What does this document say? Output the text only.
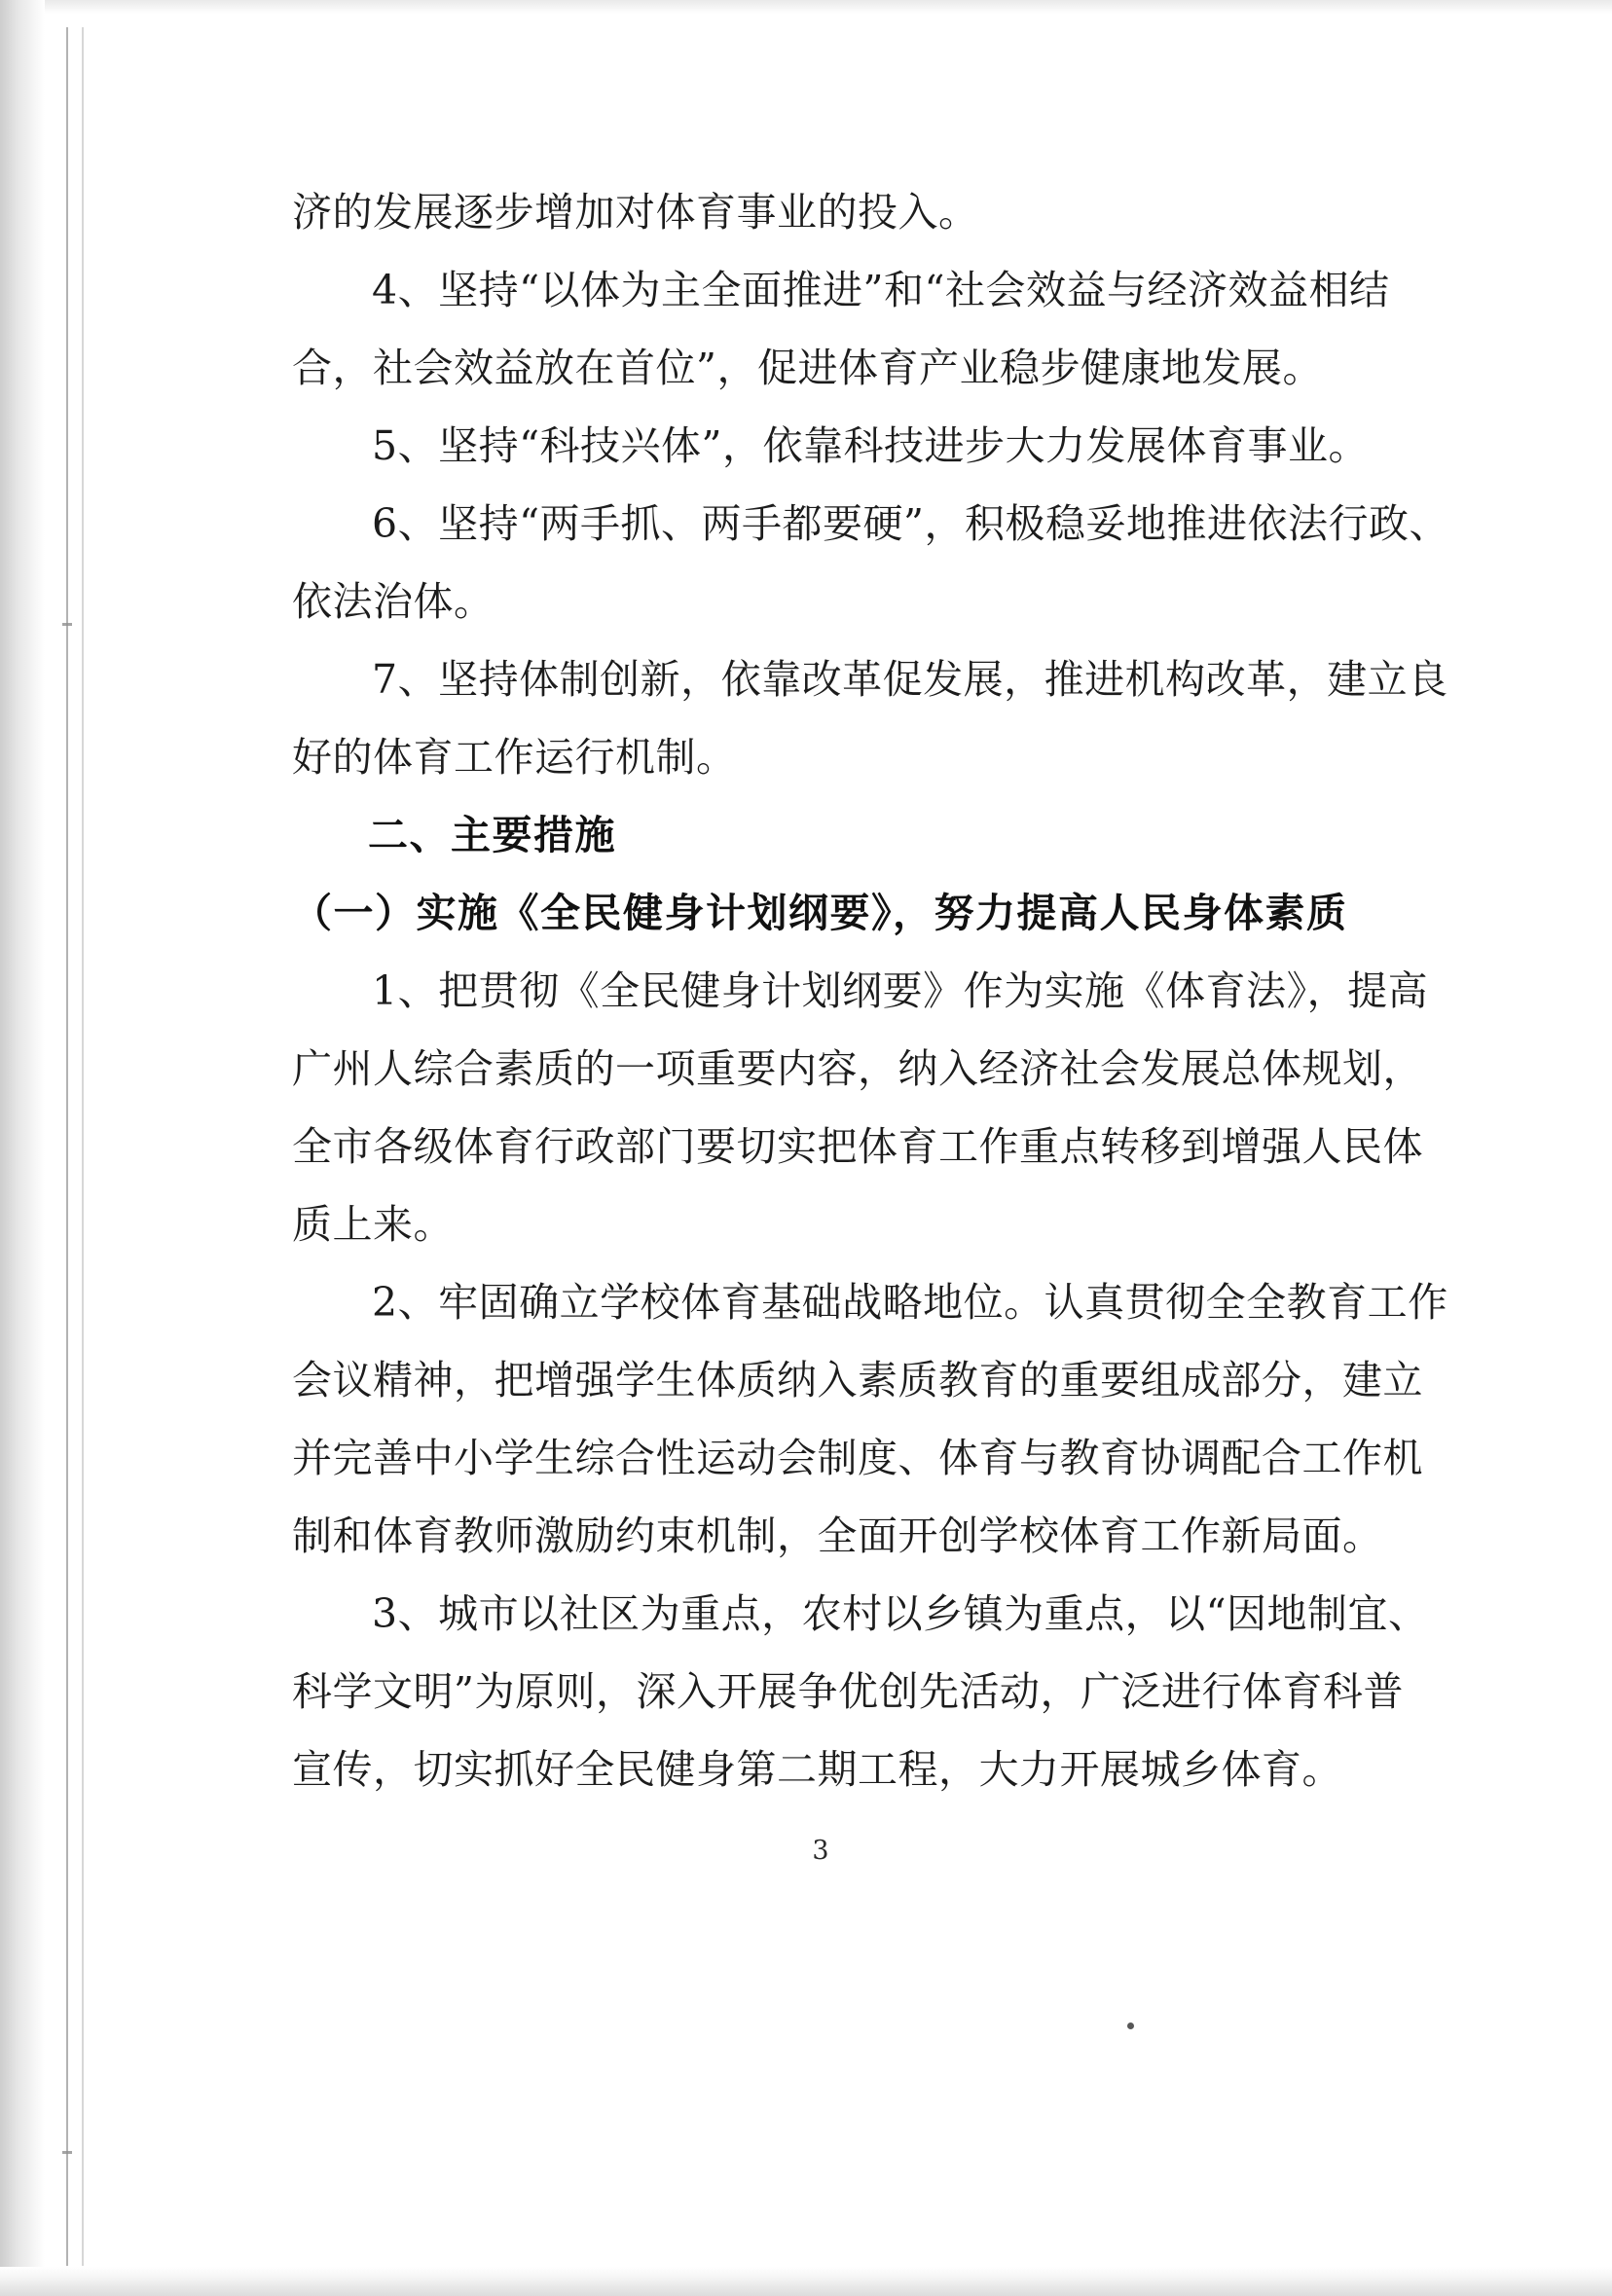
济的发展逐步增加对体育事业的投入。
4、坚持“以体为主全面推进”和“社会效益与经济效益相结
合，社会效益放在首位”，促进体育产业稳步健康地发展。
5、坚持“科技兴体”，依靠科技进步大力发展体育事业。
6、坚持“两手抓、两手都要硬”，积极稳妥地推进依法行政、
依法治体。
7、坚持体制创新，依靠改革促发展，推进机构改革，建立良
好的体育工作运行机制。
二、主要措施
（一）实施《全民健身计划纲要》，努力提高人民身体素质
1、把贯彻《全民健身计划纲要》作为实施《体育法》，提高
广州人综合素质的一项重要内容，纳入经济社会发展总体规划，
全市各级体育行政部门要切实把体育工作重点转移到增强人民体
质上来。
2、牢固确立学校体育基础战略地位。认真贯彻全全教育工作
会议精神，把增强学生体质纳入素质教育的重要组成部分，建立
并完善中小学生综合性运动会制度、体育与教育协调配合工作机
制和体育教师激励约束机制，全面开创学校体育工作新局面。
3、城市以社区为重点，农村以乡镇为重点，以“因地制宜、
科学文明”为原则，深入开展争优创先活动，广泛进行体育科普
宣传，切实抓好全民健身第二期工程，大力开展城乡体育。
3
